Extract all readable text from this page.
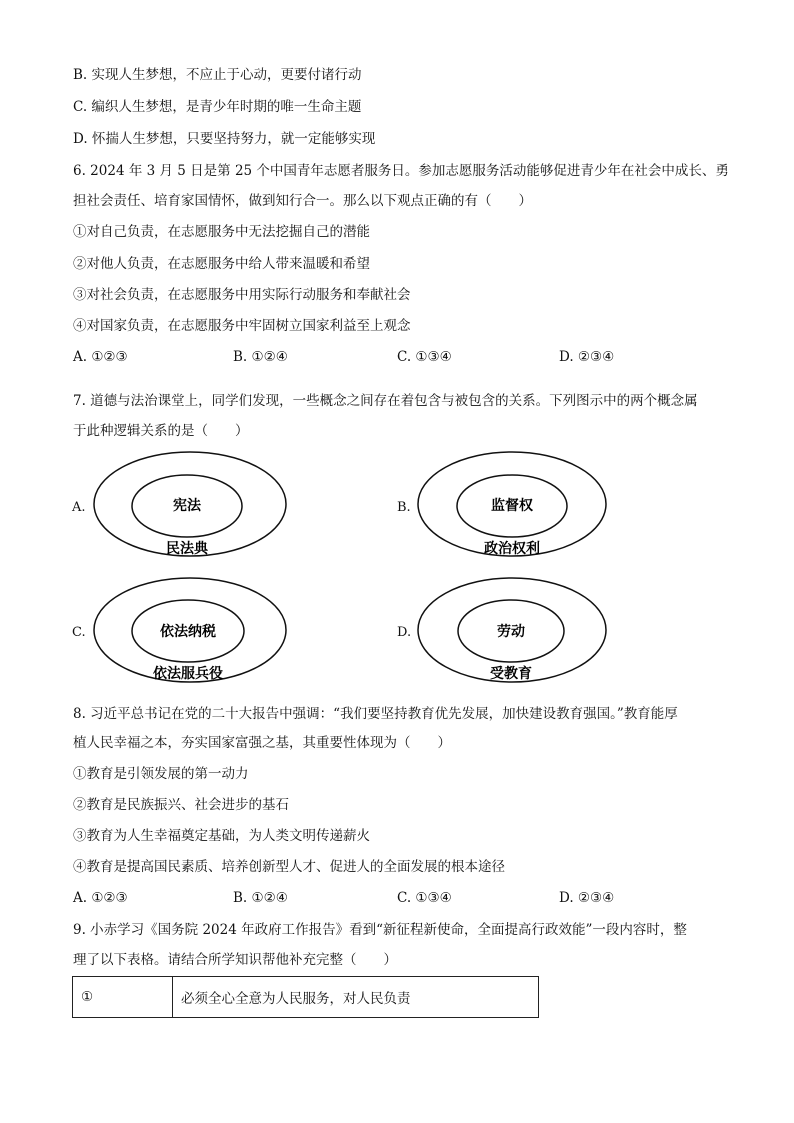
B. 实现人生梦想，不应止于心动，更要付诸行动
C. 编织人生梦想，是青少年时期的唯一生命主题
D. 怀揣人生梦想，只要坚持努力，就一定能够实现
6. 2024 年 3 月 5 日是第 25 个中国青年志愿者服务日。参加志愿服务活动能够促进青少年在社会中成长、勇
担社会责任、培育家国情怀，做到知行合一。那么以下观点正确的有（　　）
①对自己负责，在志愿服务中无法挖掘自己的潜能
②对他人负责，在志愿服务中给人带来温暖和希望
③对社会负责，在志愿服务中用实际行动服务和奉献社会
④对国家负责，在志愿服务中牢固树立国家利益至上观念
A. ①②③	B. ①②④	C. ①③④	D. ②③④
7. 道德与法治课堂上，同学们发现，一些概念之间存在着包含与被包含的关系。下列图示中的两个概念属
于此种逻辑关系的是（　　）
A.	宪法
民法典
B.	监督权
政治权利
C.	依法纳税
依法服兵役
D.	劳动
受教育
8. 习近平总书记在党的二十大报告中强调：“我们要坚持教育优先发展，加快建设教育强国。”教育能厚
植人民幸福之本，夯实国家富强之基，其重要性体现为（　　）
①教育是引领发展的第一动力
②教育是民族振兴、社会进步的基石
③教育为人生幸福奠定基础，为人类文明传递薪火
④教育是提高国民素质、培养创新型人才、促进人的全面发展的根本途径
A. ①②③	B. ①②④	C. ①③④	D. ②③④
9. 小赤学习《国务院 2024 年政府工作报告》看到“新征程新使命，全面提高行政效能”一段内容时，整
理了以下表格。请结合所学知识帮他补充完整（　　）
①	必须全心全意为人民服务，对人民负责
